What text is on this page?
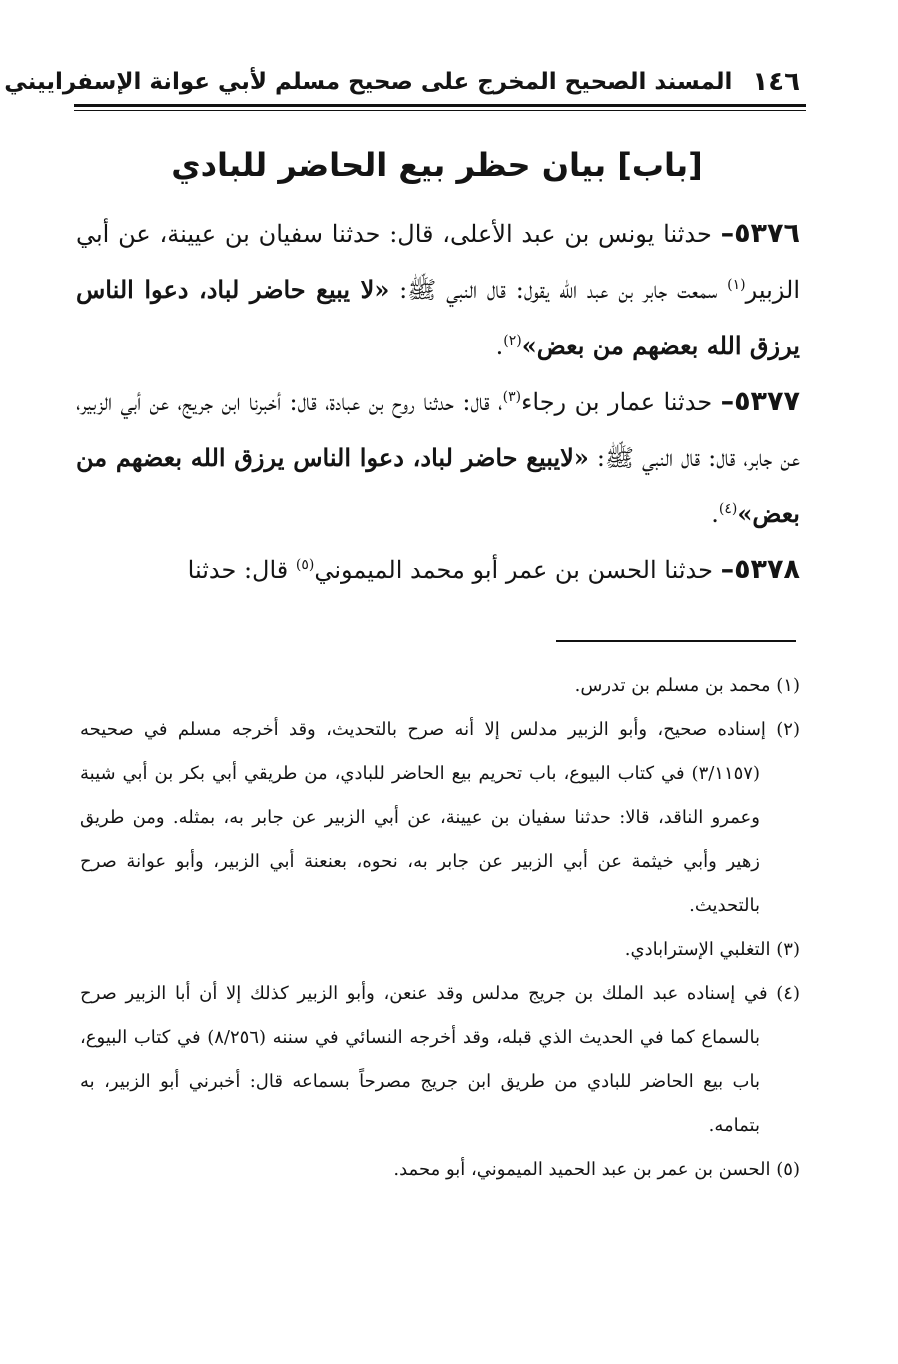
١٤٦
المسند الصحيح المخرج على صحيح مسلم لأبي عوانة الإسفراييني
[باب] بيان حظر بيع الحاضر للبادي

٥٣٧٦– حدثنا يونس بن عبد الأعلى، قال: حدثنا سفيان بن عيينة، عن أبي الزبير$^{(١)}$ سمعت جابر بن عبد الله يقول: قال النبي ﷺ: «لا يبيع حاضر لباد، دعوا الناس يرزق الله بعضهم من بعض»$^{(٢)}$.

٥٣٧٧– حدثنا عمار بن رجاء$^{(٣)}$، قال: حدثنا روح بن عبادة، قال: أخبرنا ابن جريج، عن أبي الزبير، عن جابر، قال: قال النبي ﷺ: «لايبيع حاضر لباد، دعوا الناس يرزق الله بعضهم من بعض»$^{(٤)}$.

٥٣٧٨– حدثنا الحسن بن عمر أبو محمد الميموني$^{(٥)}$ قال: حدثنا

(١) محمد بن مسلم بن تدرس.

(٢) إسناده صحيح، وأبو الزبير مدلس إلا أنه صرح بالتحديث، وقد أخرجه مسلم في صحيحه (٣/١١٥٧) في كتاب البيوع، باب تحريم بيع الحاضر للبادي، من طريقي أبي بكر بن أبي شيبة وعمرو الناقد، قالا: حدثنا سفيان بن عيينة، عن أبي الزبير عن جابر به، بمثله. ومن طريق زهير وأبي خيثمة عن أبي الزبير عن جابر به، نحوه، بعنعنة أبي الزبير، وأبو عوانة صرح بالتحديث.

(٣) التغلبي الإسترابادي.

(٤) في إسناده عبد الملك بن جريج مدلس وقد عنعن، وأبو الزبير كذلك إلا أن أبا الزبير صرح بالسماع كما في الحديث الذي قبله، وقد أخرجه النسائي في سننه (٨/٢٥٦) في كتاب البيوع، باب بيع الحاضر للبادي من طريق ابن جريج مصرحاً بسماعه قال: أخبرني أبو الزبير، به بتمامه.

(٥) الحسن بن عمر بن عبد الحميد الميموني، أبو محمد.
